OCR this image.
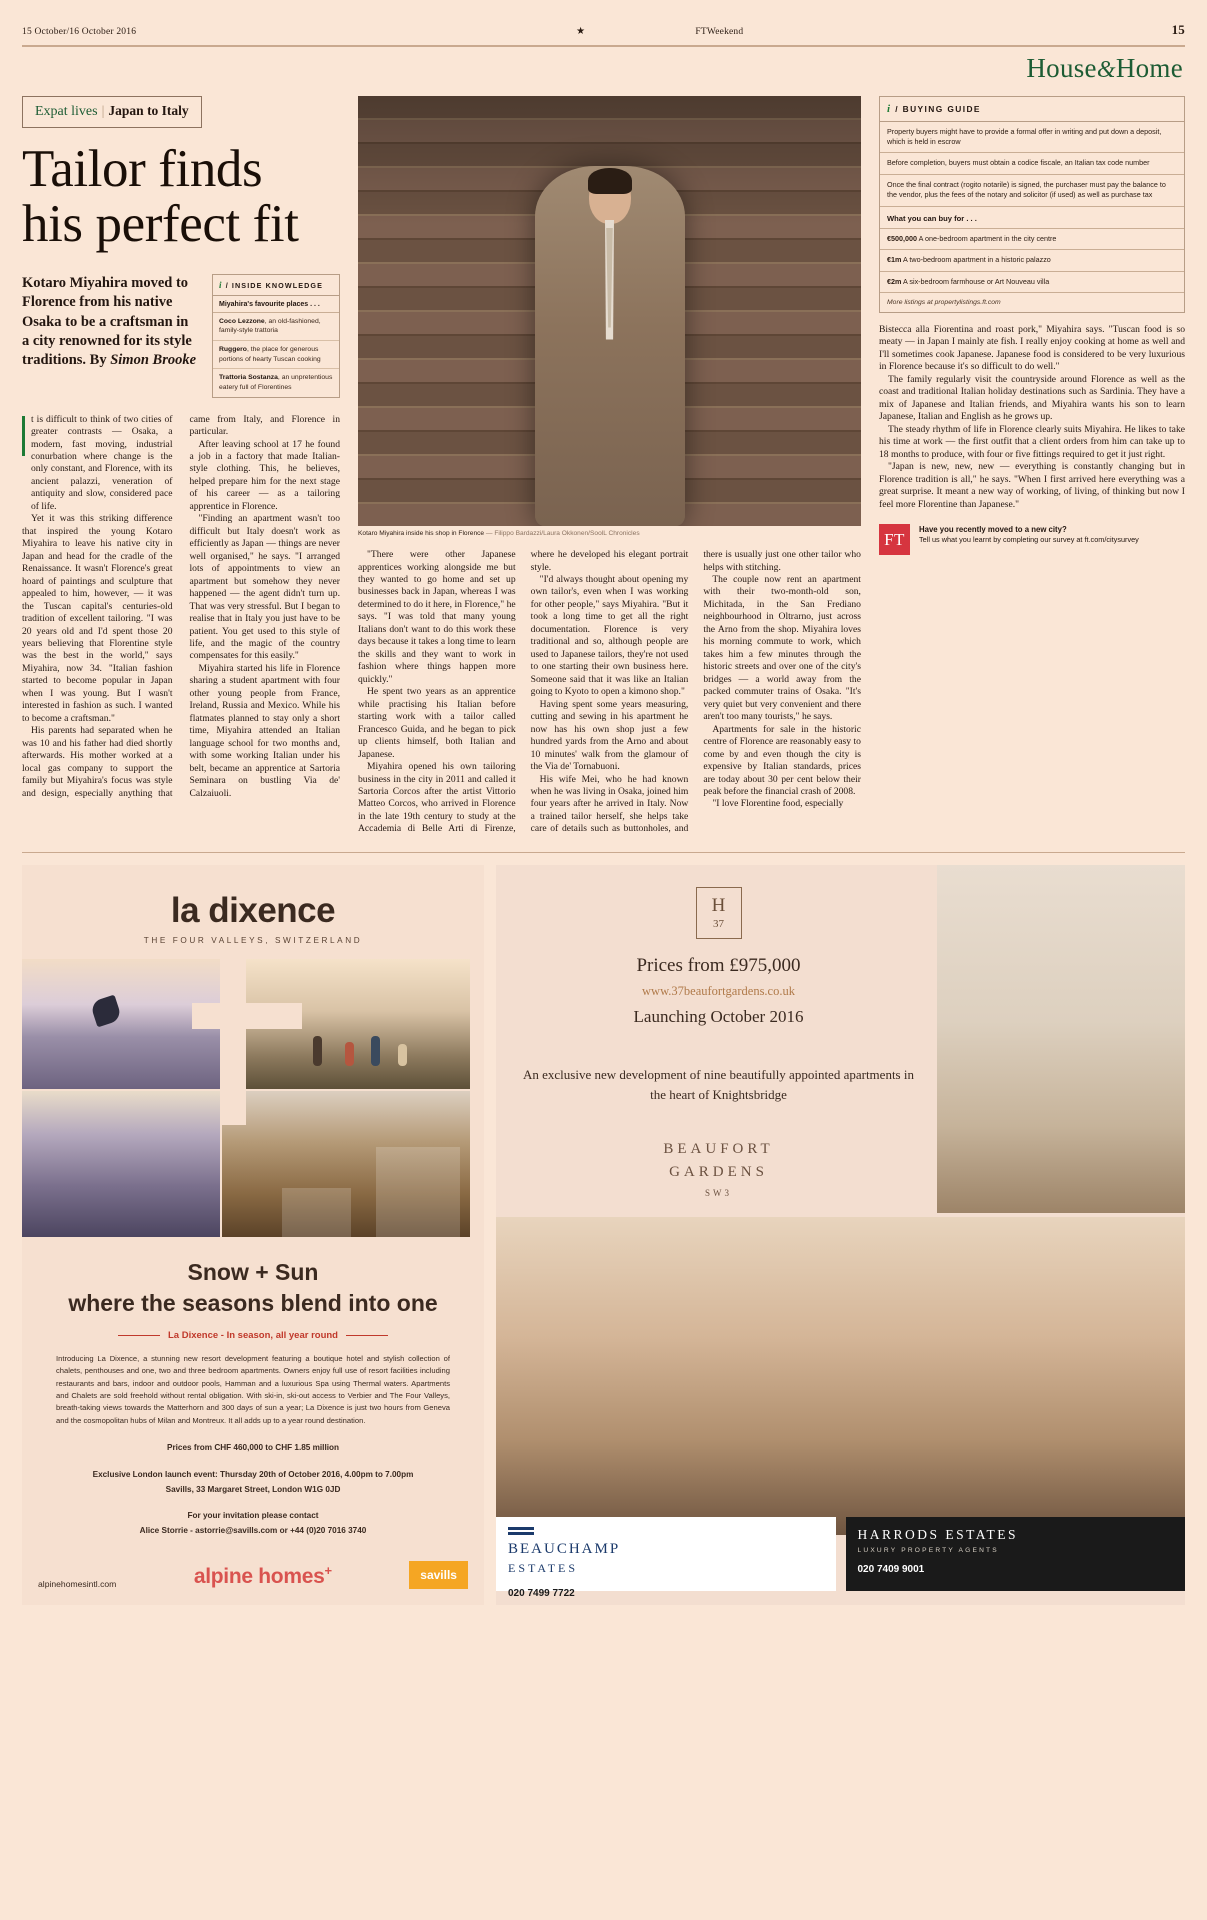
15 October/16 October 2016	★	FTWeekend	15
House&Home
Expat lives | Japan to Italy
Tailor finds
his perfect fit
Kotaro Miyahira moved to Florence from his native Osaka to be a craftsman in a city renowned for its style traditions. By Simon Brooke
i / INSIDE KNOWLEDGE
Miyahira's favourite places . . .
Coco Lezzone, an old-fashioned, family-style trattoria
Ruggero, the place for generous portions of hearty Tuscan cooking
Trattoria Sostanza, an unpretentious eatery full of Florentines

t is difficult to think of two cities of greater contrasts — Osaka, a modern, fast moving, industrial conurbation where change is the only constant, and Florence, with its ancient palazzi, veneration of antiquity and slow, considered pace of life.

Yet it was this striking difference that inspired the young Kotaro Miyahira to leave his native city in Japan and head for the cradle of the Renaissance. It wasn't Florence's great hoard of paintings and sculpture that appealed to him, however, — it was the Tuscan capital's centuries-old tradition of excellent tailoring. "I was 20 years old and I'd spent those 20 years believing that Florentine style was the best in the world," says Miyahira, now 34. "Italian fashion started to become popular in Japan when I was young. But I wasn't interested in fashion as such. I wanted to become a craftsman."

His parents had separated when he was 10 and his father had died shortly afterwards. His mother worked at a local gas company to support the family but Miyahira's focus was style and design, especially anything that came from Italy, and Florence in particular.

After leaving school at 17 he found a job in a factory that made Italian-style clothing. This, he believes, helped prepare him for the next stage of his career — as a tailoring apprentice in Florence.

"Finding an apartment wasn't too difficult but Italy doesn't work as efficiently as Japan — things are never well organised," he says. "I arranged lots of appointments to view an apartment but somehow they never happened — the agent didn't turn up. That was very stressful. But I began to realise that in Italy you just have to be patient. You get used to this style of life, and the magic of the country compensates for this easily."

Miyahira started his life in Florence sharing a student apartment with four other young people from France, Ireland, Russia and Mexico. While his flatmates planned to stay only a short time, Miyahira attended an Italian language school for two months and, with some working Italian under his belt, became an apprentice at Sartoria Seminara on bustling Via de' Calzaiuoli.

Kotaro Miyahira inside his shop in Florence — Filippo Bardazzi/Laura Okkonen/SoolL Chronicles

"There were other Japanese apprentices working alongside me but they wanted to go home and set up businesses back in Japan, whereas I was determined to do it here, in Florence," he says. "I was told that many young Italians don't want to do this work these days because it takes a long time to learn the skills and they want to work in fashion where things happen more quickly."

He spent two years as an apprentice while practising his Italian before starting work with a tailor called Francesco Guida, and he began to pick up clients himself, both Italian and Japanese.

Miyahira opened his own tailoring business in the city in 2011 and called it Sartoria Corcos after the artist Vittorio Matteo Corcos, who arrived in Florence in the late 19th century to study at the Accademia di Belle Arti di Firenze, where he developed his elegant portrait style.

"I'd always thought about opening my own tailor's, even when I was working for other people," says Miyahira. "But it took a long time to get all the right documentation. Florence is very traditional and so, although people are used to Japanese tailors, they're not used to one starting their own business here. Someone said that it was like an Italian going to Kyoto to open a kimono shop."

Having spent some years measuring, cutting and sewing in his apartment he now has his own shop just a few hundred yards from the Arno and about 10 minutes' walk from the glamour of the Via de' Tornabuoni.

His wife Mei, who he had known when he was living in Osaka, joined him four years after he arrived in Italy. Now a trained tailor herself, she helps take care of details such as buttonholes, and there is usually just one other tailor who helps with stitching.

The couple now rent an apartment with their two-month-old son, Michitada, in the San Frediano neighbourhood in Oltrarno, just across the Arno from the shop. Miyahira loves his morning commute to work, which takes him a few minutes through the historic streets and over one of the city's bridges — a world away from the packed commuter trains of Osaka. "It's very quiet but very convenient and there aren't too many tourists," he says.

Apartments for sale in the historic centre of Florence are reasonably easy to come by and even though the city is expensive by Italian standards, prices are today about 30 per cent below their peak before the financial crash of 2008.

"I love Florentine food, especially

i / BUYING GUIDE
Property buyers might have to provide a formal offer in writing and put down a deposit, which is held in escrow
Before completion, buyers must obtain a codice fiscale, an Italian tax code number
Once the final contract (rogito notarile) is signed, the purchaser must pay the balance to the vendor, plus the fees of the notary and solicitor (if used) as well as purchase tax
What you can buy for . . .
€500,000 A one-bedroom apartment in the city centre
€1m A two-bedroom apartment in a historic palazzo
€2m A six-bedroom farmhouse or Art Nouveau villa
More listings at propertylistings.ft.com

Bistecca alla Fiorentina and roast pork," Miyahira says. "Tuscan food is so meaty — in Japan I mainly ate fish. I really enjoy cooking at home as well and I'll sometimes cook Japanese. Japanese food is considered to be very luxurious in Florence because it's so difficult to do well."

The family regularly visit the countryside around Florence as well as the coast and traditional Italian holiday destinations such as Sardinia. They have a mix of Japanese and Italian friends, and Miyahira wants his son to learn Japanese, Italian and English as he grows up.

The steady rhythm of life in Florence clearly suits Miyahira. He likes to take his time at work — the first outfit that a client orders from him can take up to 18 months to produce, with four or five fittings required to get it just right.

"Japan is new, new, new — everything is constantly changing but in Florence tradition is all," he says. "When I first arrived here everything was a great surprise. It meant a new way of working, of living, of thinking but now I feel more Florentine than Japanese."

FT	Have you recently moved to a new city?
Tell us what you learnt by completing our survey at ft.com/citysurvey
la dixence
THE FOUR VALLEYS, SWITZERLAND
Snow + Sun
where the seasons blend into one
La Dixence - In season, all year round
Introducing La Dixence, a stunning new resort development featuring a boutique hotel and stylish collection of chalets, penthouses and one, two and three bedroom apartments. Owners enjoy full use of resort facilities including restaurants and bars, indoor and outdoor pools, Hamman and a luxurious Spa using Thermal waters. Apartments and Chalets are sold freehold without rental obligation. With ski-in, ski-out access to Verbier and The Four Valleys, breath-taking views towards the Matterhorn and 300 days of sun a year; La Dixence is just two hours from Geneva and the cosmopolitan hubs of Milan and Montreux. It all adds up to a year round destination.
Prices from CHF 460,000 to CHF 1.85 million
Exclusive London launch event: Thursday 20th of October 2016, 4.00pm to 7.00pm
Savills, 33 Margaret Street, London W1G 0JD
For your invitation please contact
Alice Storrie - astorrie@savills.com or +44 (0)20 7016 3740
alpinehomesintl.com	alpine homes+	savills
H
37
Prices from £975,000
www.37beaufortgardens.co.uk
Launching October 2016
An exclusive new development of nine beautifully appointed apartments in the heart of Knightsbridge
BEAUFORT
GARDENS
SW3
BEAUCHAMP
ESTATES
020 7499 7722
HARRODS ESTATES
LUXURY PROPERTY AGENTS
020 7409 9001
